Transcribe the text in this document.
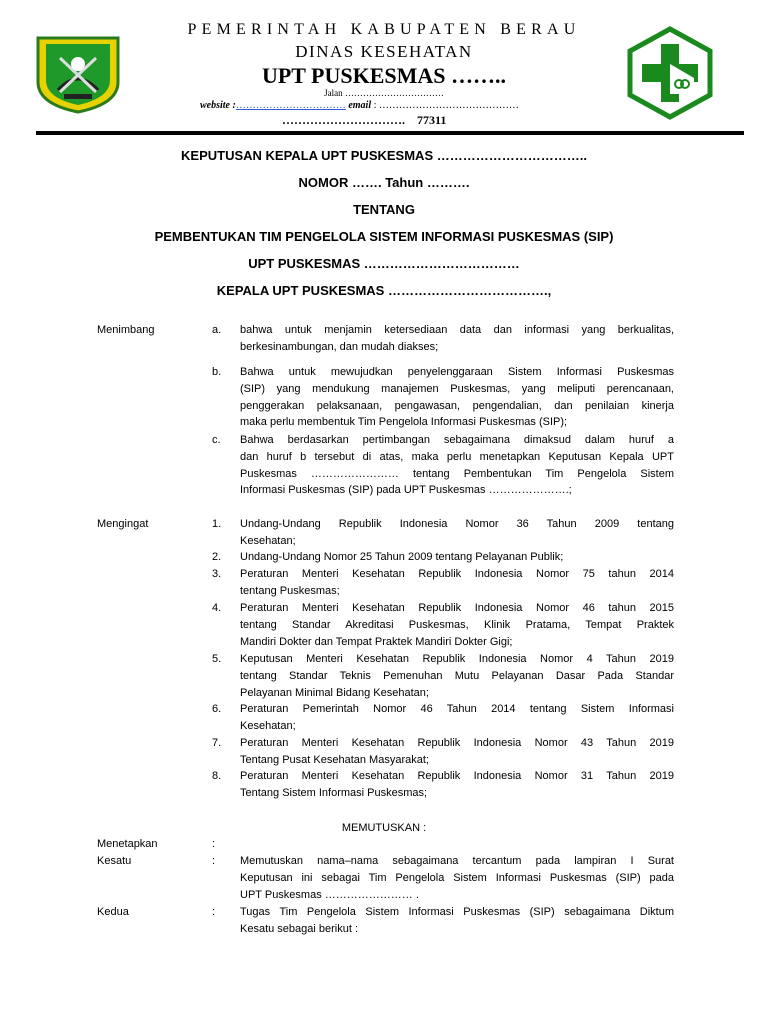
PEMERINTAH KABUPATEN BERAU
DINAS KESEHATAN
UPT PUSKESMAS ……..
Jalan ……………………………
website :…………………………… email : ……………………………………
…………………………. 77311
KEPUTUSAN KEPALA UPT PUSKESMAS ……………………………..
NOMOR ……. Tahun ……….
TENTANG
PEMBENTUKAN TIM PENGELOLA SISTEM INFORMASI PUSKESMAS (SIP)
UPT PUSKESMAS ………………………………
KEPALA UPT PUSKESMAS ……………………………….,
Menimbang	a. bahwa untuk menjamin ketersediaan data dan informasi yang berkualitas,
berkesinambungan, dan mudah diakses;
b. Bahwa untuk mewujudkan penyelenggaraan Sistem Informasi Puskesmas
(SIP) yang mendukung manajemen Puskesmas, yang meliputi perencanaan,
penggerakan pelaksanaan, pengawasan, pengendalian, dan penilaian kinerja
maka perlu membentuk Tim Pengelola Informasi Puskesmas (SIP);
c. Bahwa berdasarkan pertimbangan sebagaimana dimaksud dalam huruf a
dan huruf b tersebut di atas, maka perlu menetapkan Keputusan Kepala UPT
Puskesmas …………………… tentang Pembentukan Tim Pengelola Sistem
Informasi Puskesmas (SIP) pada UPT Puskesmas ………………….;
Mengingat	1. Undang-Undang Republik Indonesia Nomor 36 Tahun 2009 tentang
Kesehatan;
2. Undang-Undang Nomor 25 Tahun 2009 tentang Pelayanan Publik;
3. Peraturan Menteri Kesehatan Republik Indonesia Nomor 75 tahun 2014
tentang Puskesmas;
4. Peraturan Menteri Kesehatan Republik Indonesia Nomor 46 tahun 2015
tentang Standar Akreditasi Puskesmas, Klinik Pratama, Tempat Praktek
Mandiri Dokter dan Tempat Praktek Mandiri Dokter Gigi;
5. Keputusan Menteri Kesehatan Republik Indonesia Nomor 4 Tahun 2019
tentang Standar Teknis Pemenuhan Mutu Pelayanan Dasar Pada Standar
Pelayanan Minimal Bidang Kesehatan;
6. Peraturan Pemerintah Nomor 46 Tahun 2014 tentang Sistem Informasi
Kesehatan;
7. Peraturan Menteri Kesehatan Republik Indonesia Nomor 43 Tahun 2019
Tentang Pusat Kesehatan Masyarakat;
8. Peraturan Menteri Kesehatan Republik Indonesia Nomor 31 Tahun 2019
Tentang Sistem Informasi Puskesmas;
MEMUTUSKAN :
Menetapkan	:
Kesatu	: Memutuskan nama–nama sebagaimana tercantum pada lampiran I Surat
Keputusan ini sebagai Tim Pengelola Sistem Informasi Puskesmas (SIP) pada
UPT Puskesmas …………………… .
Kedua	: Tugas Tim Pengelola Sistem Informasi Puskesmas (SIP) sebagaimana Diktum
Kesatu sebagai berikut :
